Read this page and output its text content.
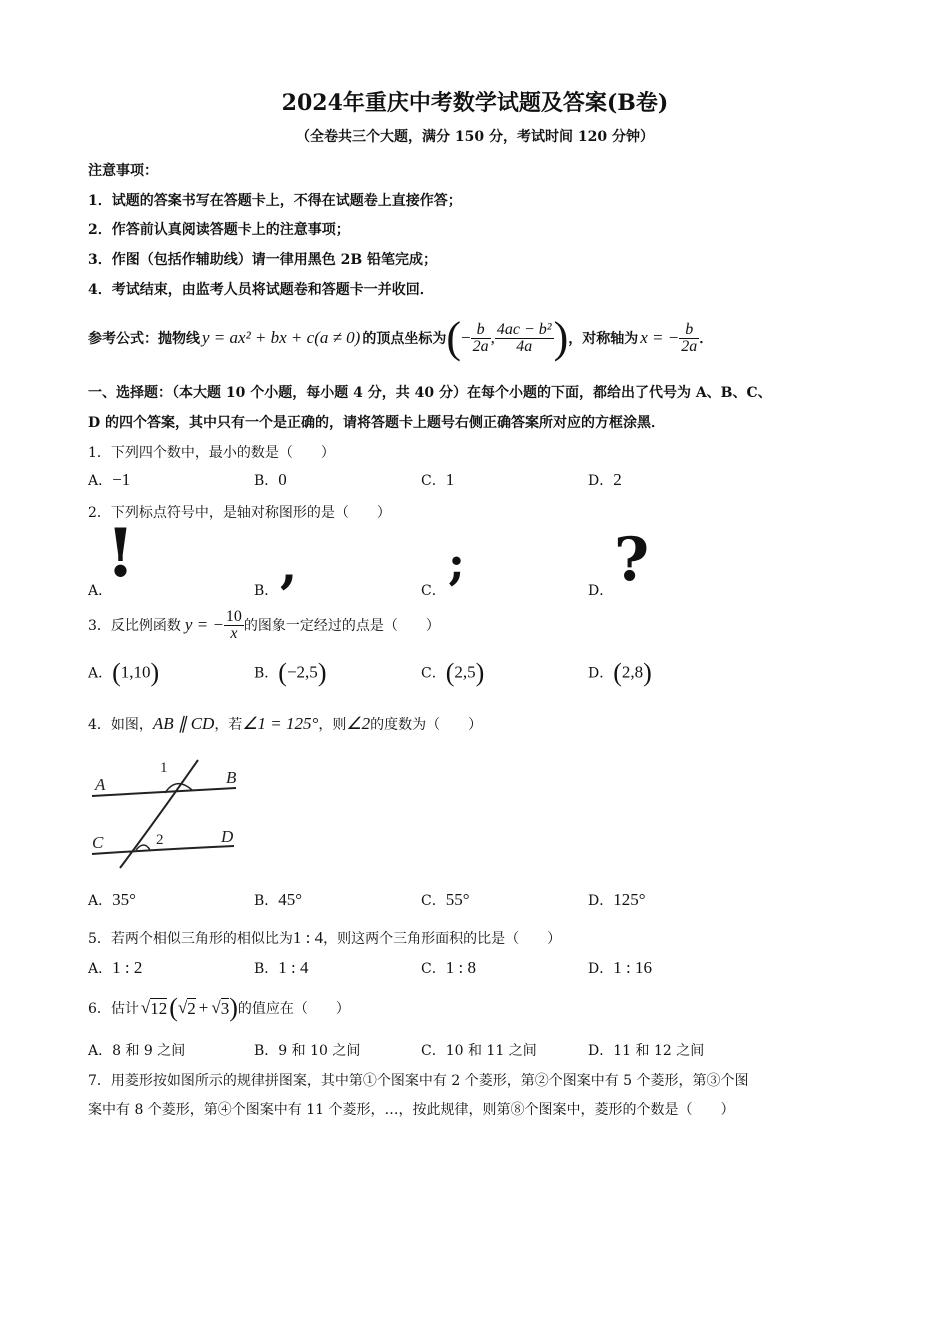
2024年重庆中考数学试题及答案(B卷)
（全卷共三个大题，满分 150 分，考试时间 120 分钟）
注意事项：
1．试题的答案书写在答题卡上，不得在试题卷上直接作答；
2．作答前认真阅读答题卡上的注意事项；
3．作图（包括作辅助线）请一律用黑色 2B 铅笔完成；
4．考试结束，由监考人员将试题卷和答题卡一并收回．
参考公式：抛物线 y = ax² + bx + c(a ≠ 0) 的顶点坐标为 ( − $\frac{b}{2a}$ , $\frac{\text{4ac − b²}}{4a}$ ) ，对称轴为 x = − $\frac{b}{2a}$ ．
一、选择题：（本大题 10 个小题，每小题 4 分，共 40 分）在每个小题的下面，都给出了代号为 A、B、C、
D 的四个答案，其中只有一个是正确的，请将答题卡上题号右侧正确答案所对应的方框涂黑．
1．下列四个数中，最小的数是（　　）
A．−1	B．0	C．1	D．2
2．下列标点符号中，是轴对称图形的是（　　）
A．
!	B． ,	C．
;
D． ?
3．反比例函数 y = − $\frac{10}{x}$ 的图象一定经过的点是（　　）
A．(1,10)	B．(−2,5)	C．(2,5)	D．(2,8)
4．如图，AB ∥ CD，若∠1 = 125°，则∠2的度数为（　　）
A	B
C	D
1
2
A．35°	B．45°	C．55°	D．125°
5．若两个相似三角形的相似比为1 : 4，则这两个三角形面积的比是（　　）
A．1 : 2	B．1 : 4	C．1 : 8	D．1 : 16
6．估计 √ 12 ( √ 2 + √ 3 ) 的值应在（　　）
A．8 和 9 之间	B．9 和 10 之间	C．10 和 11 之间	D．11 和 12 之间
7．用菱形按如图所示的规律拼图案，其中第①个图案中有 2 个菱形，第②个图案中有 5 个菱形，第③个图
案中有 8 个菱形，第④个图案中有 11 个菱形，…，按此规律，则第⑧个图案中，菱形的个数是（　　）
